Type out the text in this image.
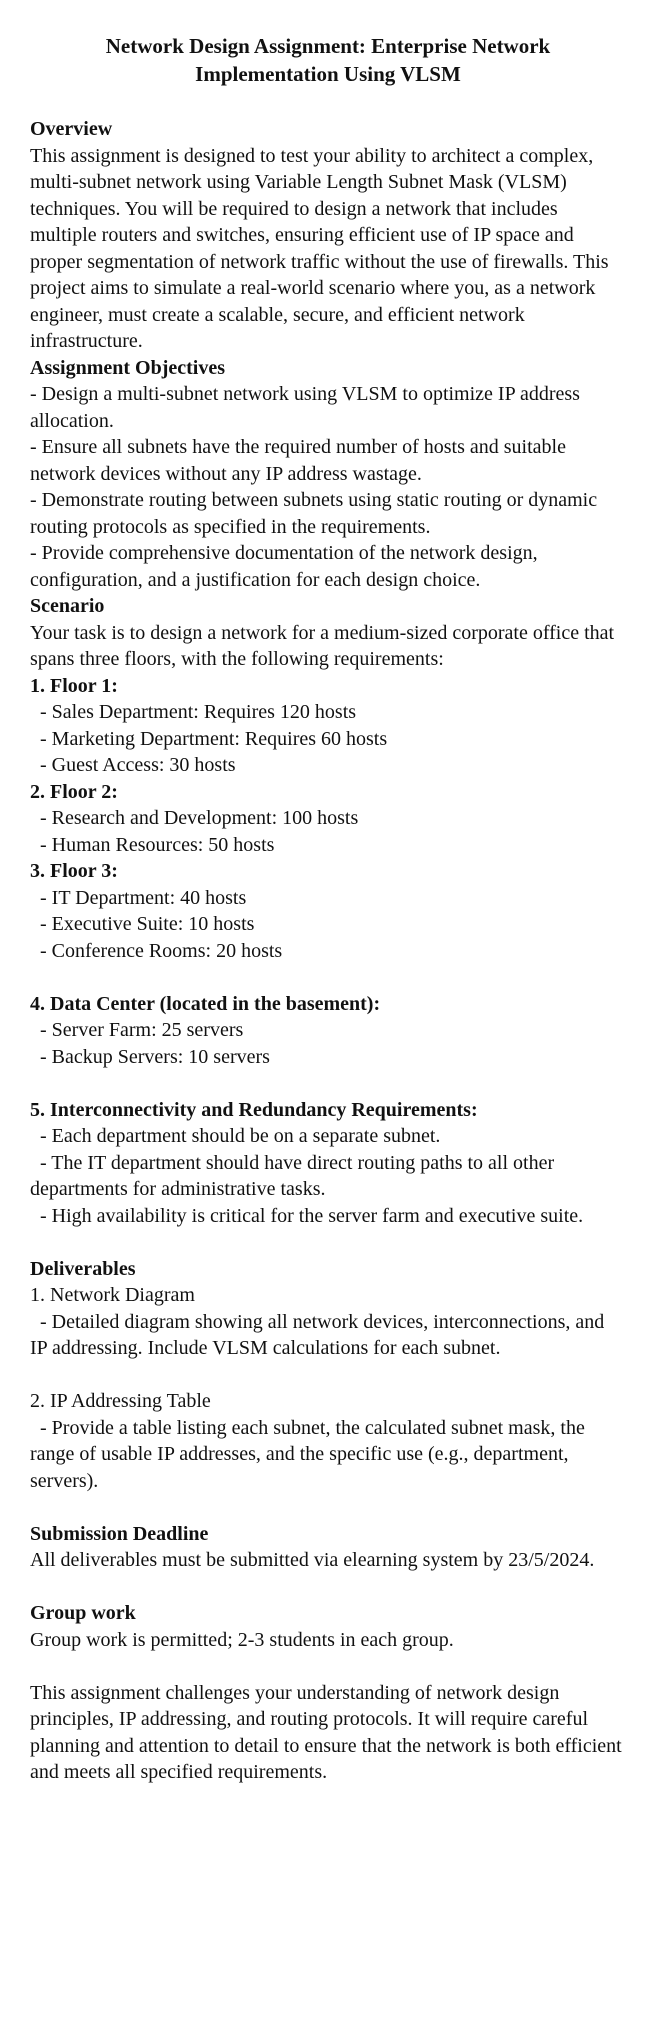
Network Design Assignment: Enterprise Network Implementation Using VLSM
Overview

This assignment is designed to test your ability to architect a complex, multi-subnet network using Variable Length Subnet Mask (VLSM) techniques. You will be required to design a network that includes multiple routers and switches, ensuring efficient use of IP space and proper segmentation of network traffic without the use of firewalls. This project aims to simulate a real-world scenario where you, as a network engineer, must create a scalable, secure, and efficient network infrastructure.

Assignment Objectives

- Design a multi-subnet network using VLSM to optimize IP address allocation.

- Ensure all subnets have the required number of hosts and suitable network devices without any IP address wastage.

- Demonstrate routing between subnets using static routing or dynamic routing protocols as specified in the requirements.

- Provide comprehensive documentation of the network design, configuration, and a justification for each design choice.

Scenario

Your task is to design a network for a medium-sized corporate office that spans three floors, with the following requirements:

1. Floor 1:

- Sales Department: Requires 120 hosts

- Marketing Department: Requires 60 hosts

- Guest Access: 30 hosts

2. Floor 2:

- Research and Development: 100 hosts

- Human Resources: 50 hosts

3. Floor 3:

- IT Department: 40 hosts

- Executive Suite: 10 hosts

- Conference Rooms: 20 hosts

4. Data Center (located in the basement):

- Server Farm: 25 servers

- Backup Servers: 10 servers

5. Interconnectivity and Redundancy Requirements:

- Each department should be on a separate subnet.

- The IT department should have direct routing paths to all other departments for administrative tasks.

- High availability is critical for the server farm and executive suite.

Deliverables

1. Network Diagram

- Detailed diagram showing all network devices, interconnections, and IP addressing. Include VLSM calculations for each subnet.

2. IP Addressing Table

- Provide a table listing each subnet, the calculated subnet mask, the range of usable IP addresses, and the specific use (e.g., department, servers).

Submission Deadline

All deliverables must be submitted via elearning system by 23/5/2024.

Group work

Group work is permitted; 2-3 students in each group.

This assignment challenges your understanding of network design principles, IP addressing, and routing protocols. It will require careful planning and attention to detail to ensure that the network is both efficient and meets all specified requirements.
